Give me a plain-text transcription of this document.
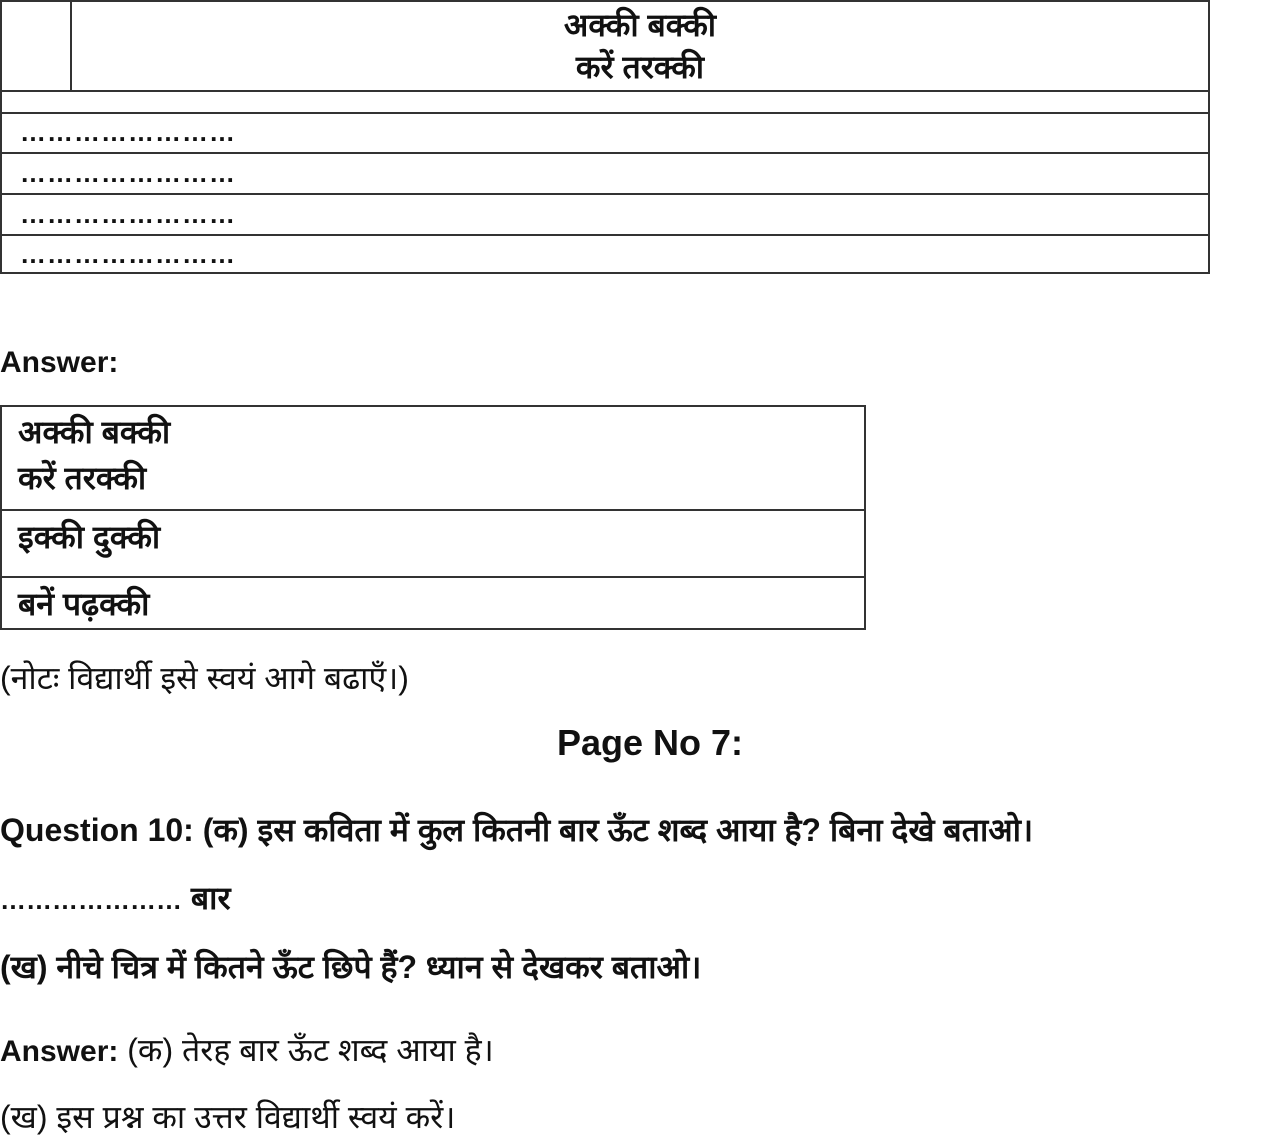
अक्की बक्की
करें तरक्की
……………………
……………………
……………………
……………………
Answer:
अक्की बक्की
करें तरक्की
इक्की दुक्की
बनें पढ़क्की
(नोटः विद्यार्थी इसे स्वयं आगे बढाएँ।)
Page No 7:
Question 10: (क) इस कविता में कुल कितनी बार ऊँट शब्द आया है? बिना देखे बताओ।
………………… बार
(ख) नीचे चित्र में कितने ऊँट छिपे हैं? ध्यान से देखकर बताओ।
Answer: (क) तेरह बार ऊँट शब्द आया है।
(ख) इस प्रश्न का उत्तर विद्यार्थी स्वयं करें।
